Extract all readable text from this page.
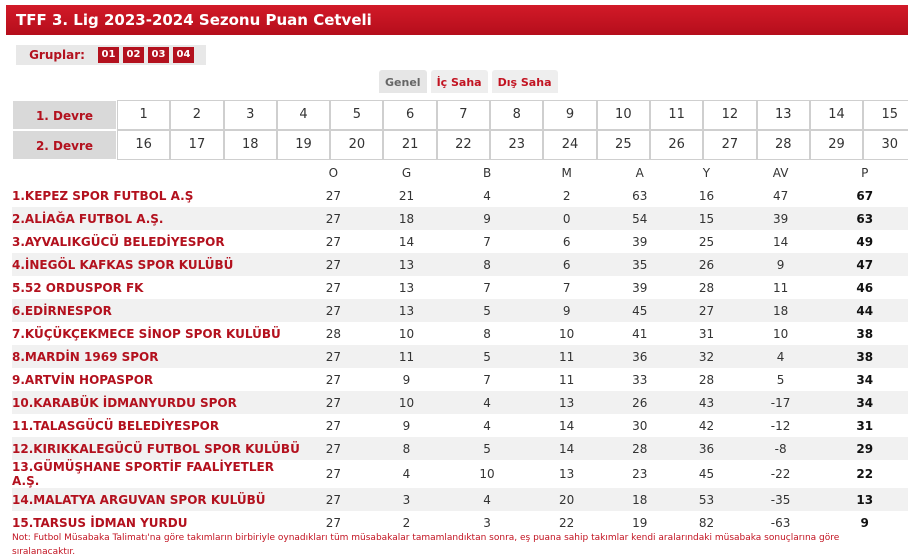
TFF 3. Lig 2023-2024 Sezonu Puan Cetveli
Gruplar:	01	02	03	04
Genel	İç Saha	Dış Saha
1. Devre	1	2	3	4	5	6	7	8	9	10	11	12	13	14	15
2. Devre	16	17	18	19	20	21	22	23	24	25	26	27	28	29	30
	O	G	B	M	A	Y	AV	P
1.KEPEZ SPOR FUTBOL A.Ş	27	21	4	2	63	16	47	67
2.ALİAĞA FUTBOL A.Ş.	27	18	9	0	54	15	39	63
3.AYVALIKGÜCÜ BELEDİYESPOR	27	14	7	6	39	25	14	49
4.İNEGÖL KAFKAS SPOR KULÜBÜ	27	13	8	6	35	26	9	47
5.52 ORDUSPOR FK	27	13	7	7	39	28	11	46
6.EDİRNESPOR	27	13	5	9	45	27	18	44
7.KÜÇÜKÇEKMECE SİNOP SPOR KULÜBÜ	28	10	8	10	41	31	10	38
8.MARDİN 1969 SPOR	27	11	5	11	36	32	4	38
9.ARTVİN HOPASPOR	27	9	7	11	33	28	5	34
10.KARABÜK İDMANYURDU SPOR	27	10	4	13	26	43	-17	34
11.TALASGÜCÜ BELEDİYESPOR	27	9	4	14	30	42	-12	31
12.KIRIKKALEGÜCÜ FUTBOL SPOR KULÜBÜ	27	8	5	14	28	36	-8	29
13.GÜMÜŞHANE SPORTİF FAALİYETLER A.Ş.	27	4	10	13	23	45	-22	22
14.MALATYA ARGUVAN SPOR KULÜBÜ	27	3	4	20	18	53	-35	13
15.TARSUS İDMAN YURDU	27	2	3	22	19	82	-63	9
Not: Futbol Müsabaka Talimatı'na göre takımların birbiriyle oynadıkları tüm müsabakalar tamamlandıktan sonra, eş puana sahip takımlar kendi aralarındaki müsabaka sonuçlarına göre sıralanacaktır.
